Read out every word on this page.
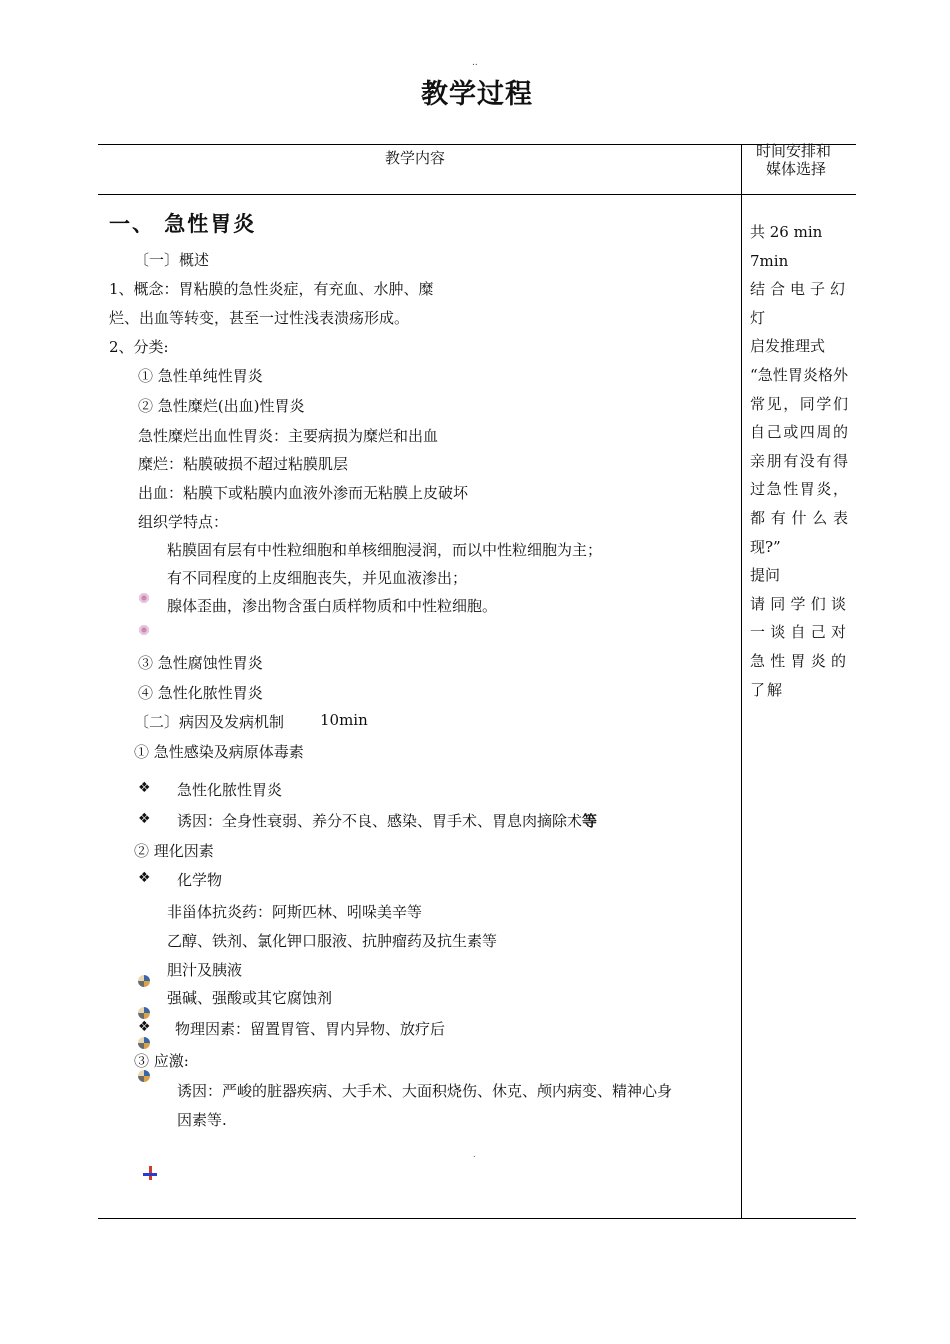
..
教学过程
教学内容	时间安排和
媒体选择
一、 急性胃炎
〔一〕概述
1、概念：胃粘膜的急性炎症，有充血、水肿、糜
烂、出血等转变，甚至一过性浅表溃疡形成。
2、分类:
① 急性单纯性胃炎
② 急性糜烂(出血)性胃炎
急性糜烂出血性胃炎：主要病损为糜烂和出血
糜烂：粘膜破损不超过粘膜肌层
出血：粘膜下或粘膜内血液外渗而无粘膜上皮破坏
组织学特点：
粘膜固有层有中性粒细胞和单核细胞浸润，而以中性粒细胞为主；
有不同程度的上皮细胞丧失，并见血液渗出；
腺体歪曲，渗出物含蛋白质样物质和中性粒细胞。
③ 急性腐蚀性胃炎
④ 急性化脓性胃炎
〔二〕病因及发病机制 10min
① 急性感染及病原体毒素
❖ 急性化脓性胃炎
❖ 诱因：全身性衰弱、养分不良、感染、胃手术、胃息肉摘除术等
② 理化因素
❖ 化学物
非甾体抗炎药：阿斯匹林、吲哚美辛等
乙醇、铁剂、氯化钾口服液、抗肿瘤药及抗生素等
胆汁及胰液
强碱、强酸或其它腐蚀剂
❖ 物理因素：留置胃管、胃内异物、放疗后
③ 应激:
诱因：严峻的脏器疾病、大手术、大面积烧伤、休克、颅内病变、精神心身
因素等.
.
共 26 min
7min
结合电子幻灯
启发推理式
“急性胃炎格外常见，同学们自己或四周的亲朋有没有得过急性胃炎，都有什么表现?”
提问
请同学们谈一谈自己对急性胃炎的了解
